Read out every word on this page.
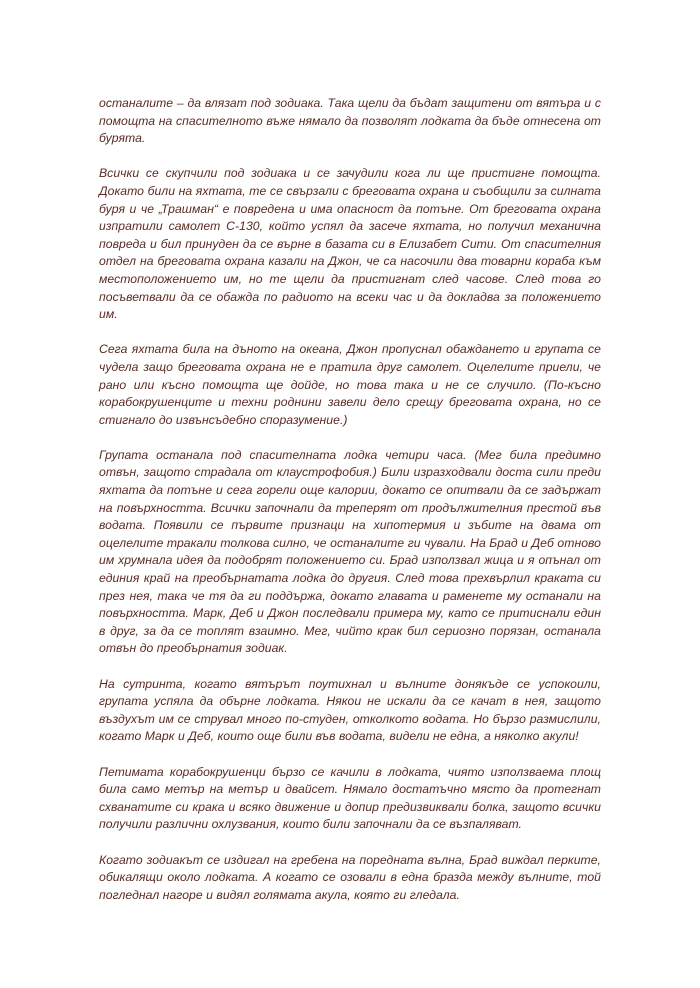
останалите – да влязат под зодиака. Така щели да бъдат защитени от вятъра и с помощта на спасителното въже нямало да позволят лодката да бъде отнесена от бурята.

Всички се скупчили под зодиака и се зачудили кога ли ще пристигне помощта. Докато били на яхтата, те се свързали с бреговата охрана и съобщили за силната буря и че „Трашман“ е повредена и има опасност да потъне. От бреговата охрана изпратили самолет C-130, който успял да засече яхтата, но получил механична повреда и бил принуден да се върне в базата си в Елизабет Сити. От спасителния отдел на бреговата охрана казали на Джон, че са насочили два товарни кораба към местоположението им, но те щели да пристигнат след часове. След това го посъветвали да се обажда по радиото на всеки час и да докладва за положението им.

Сега яхтата била на дъното на океана, Джон пропуснал обаждането и групата се чудела защо бреговата охрана не е пратила друг самолет. Оцелелите приели, че рано или късно помощта ще дойде, но това така и не се случило. (По-късно корабокрушенците и техни роднини завели дело срещу бреговата охрана, но се стигнало до извънсъдебно споразумение.)

Групата останала под спасителната лодка четири часа. (Мег била предимно отвън, защото страдала от клаустрофобия.) Били изразходвали доста сили преди яхтата да потъне и сега горели още калории, докато се опитвали да се задържат на повърхността. Всички започнали да треперят от продължителния престой във водата. Появили се първите признаци на хипотермия и зъбите на двама от оцелелите тракали толкова силно, че останалите ги чували. На Брад и Деб отново им хрумнала идея да подобрят положението си. Брад използвал жица и я опънал от единия край на преобърнатата лодка до другия. След това прехвърлил краката си през нея, така че тя да ги поддържа, докато главата и раменете му останали на повърхността. Марк, Деб и Джон последвали примера му, като се притиснали един в друг, за да се топлят взаимно. Мег, чийто крак бил сериозно порязан, останала отвън до преобърнатия зодиак.

На сутринта, когато вятърът поутихнал и вълните донякъде се успокоили, групата успяла да обърне лодката. Някои не искали да се качат в нея, защото въздухът им се струвал много по-студен, отколкото водата. Но бързо размислили, когато Марк и Деб, които още били във водата, видели не една, а няколко акули!

Петимата корабокрушенци бързо се качили в лодката, чиято използваема площ била само метър на метър и двайсет. Нямало достатъчно място да протегнат схванатите си крака и всяко движение и допир предизвиквали болка, защото всички получили различни охлузвания, които били започнали да се възпаляват.

Когато зодиакът се издигал на гребена на поредната вълна, Брад виждал перките, обикалящи около лодката. А когато се озовали в една бразда между вълните, той погледнал нагоре и видял голямата акула, която ги гледала.
